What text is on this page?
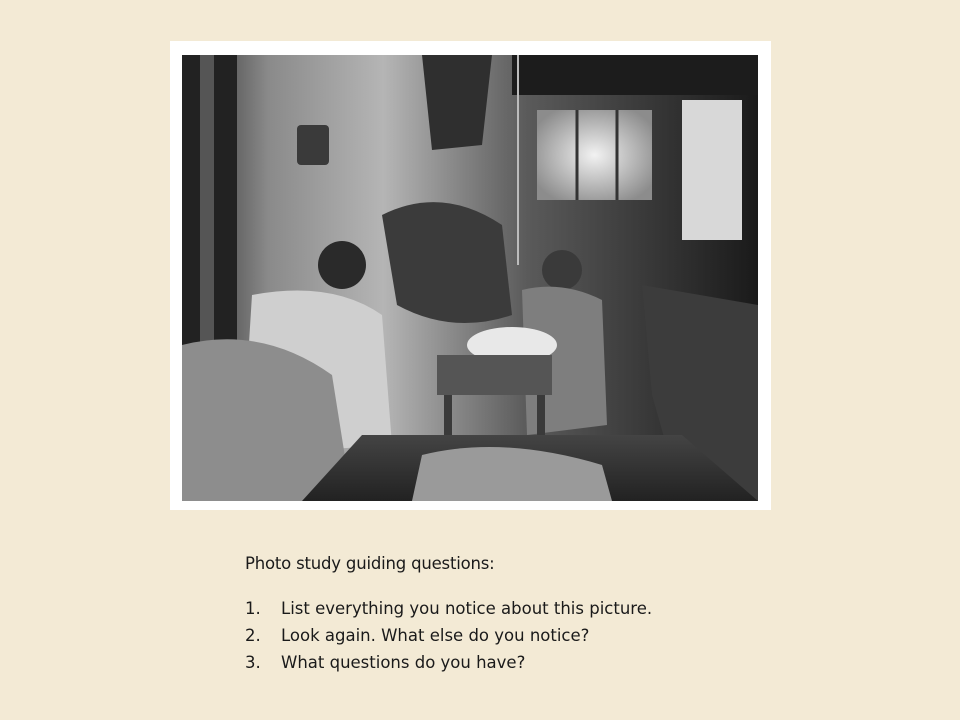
Photo study guiding questions:
1.	List everything you notice about this picture.
2.	Look again. What else do you notice?
3.	What questions do you have?
